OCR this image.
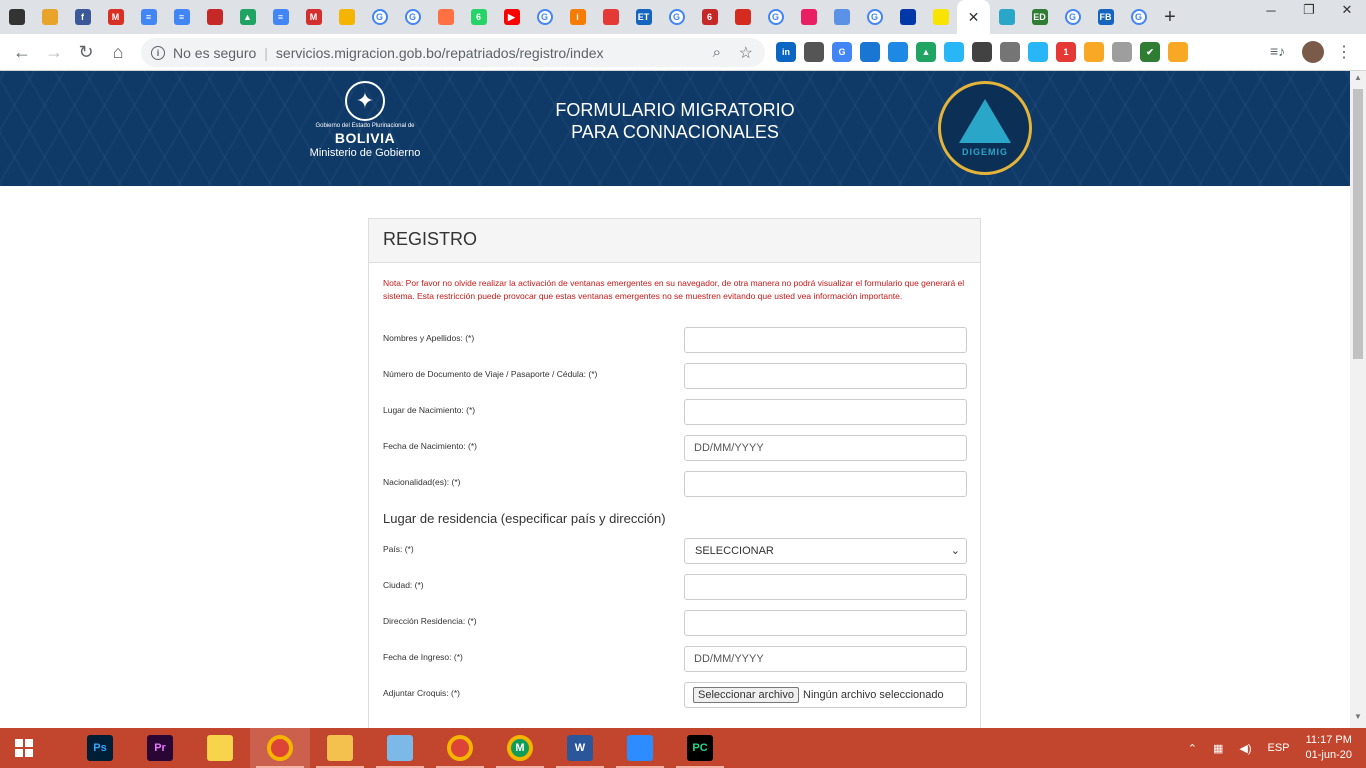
f	M	≡	≡	▲	≡	M	G	G	6	▶	G	i	ET	G	6	G	G	✕	ED	G	FB	G	+	─	❐	✕
← → ↻	⌂	i No es seguro | servicios.migracion.gob.bo/repatriados/registro/index	⌕ ☆	in	G	▲	1	✔	≡♪	⋮
✦
Gobierno del Estado Plurinacional de
BOLIVIA
Ministerio de Gobierno
FORMULARIO MIGRATORIO
PARA CONNACIONALES
DIGEMIG
▲
▼
REGISTRO
Nota: Por favor no olvide realizar la activación de ventanas emergentes en su navegador, de otra manera no podrá visualizar el formulario que generará el sistema. Esta restricción puede provocar que estas ventanas emergentes no se muestren evitando que usted vea información importante.
Nombres y Apellidos: (*)
Número de Documento de Viaje / Pasaporte / Cédula: (*)
Lugar de Nacimiento: (*)
Fecha de Nacimiento: (*)	DD/MM/YYYY
Nacionalidad(es): (*)
Lugar de residencia (especificar país y dirección)
País: (*)	SELECCIONAR	⌄
Ciudad: (*)
Dirección Residencia: (*)
Fecha de Ingreso: (*)	DD/MM/YYYY
Adjuntar Croquis: (*)	Seleccionar archivo Ningún archivo seleccionado
Ps	Pr	M	W	PC	⌃ ▦ ◀) ESP
11:17 PM
01-jun-20
